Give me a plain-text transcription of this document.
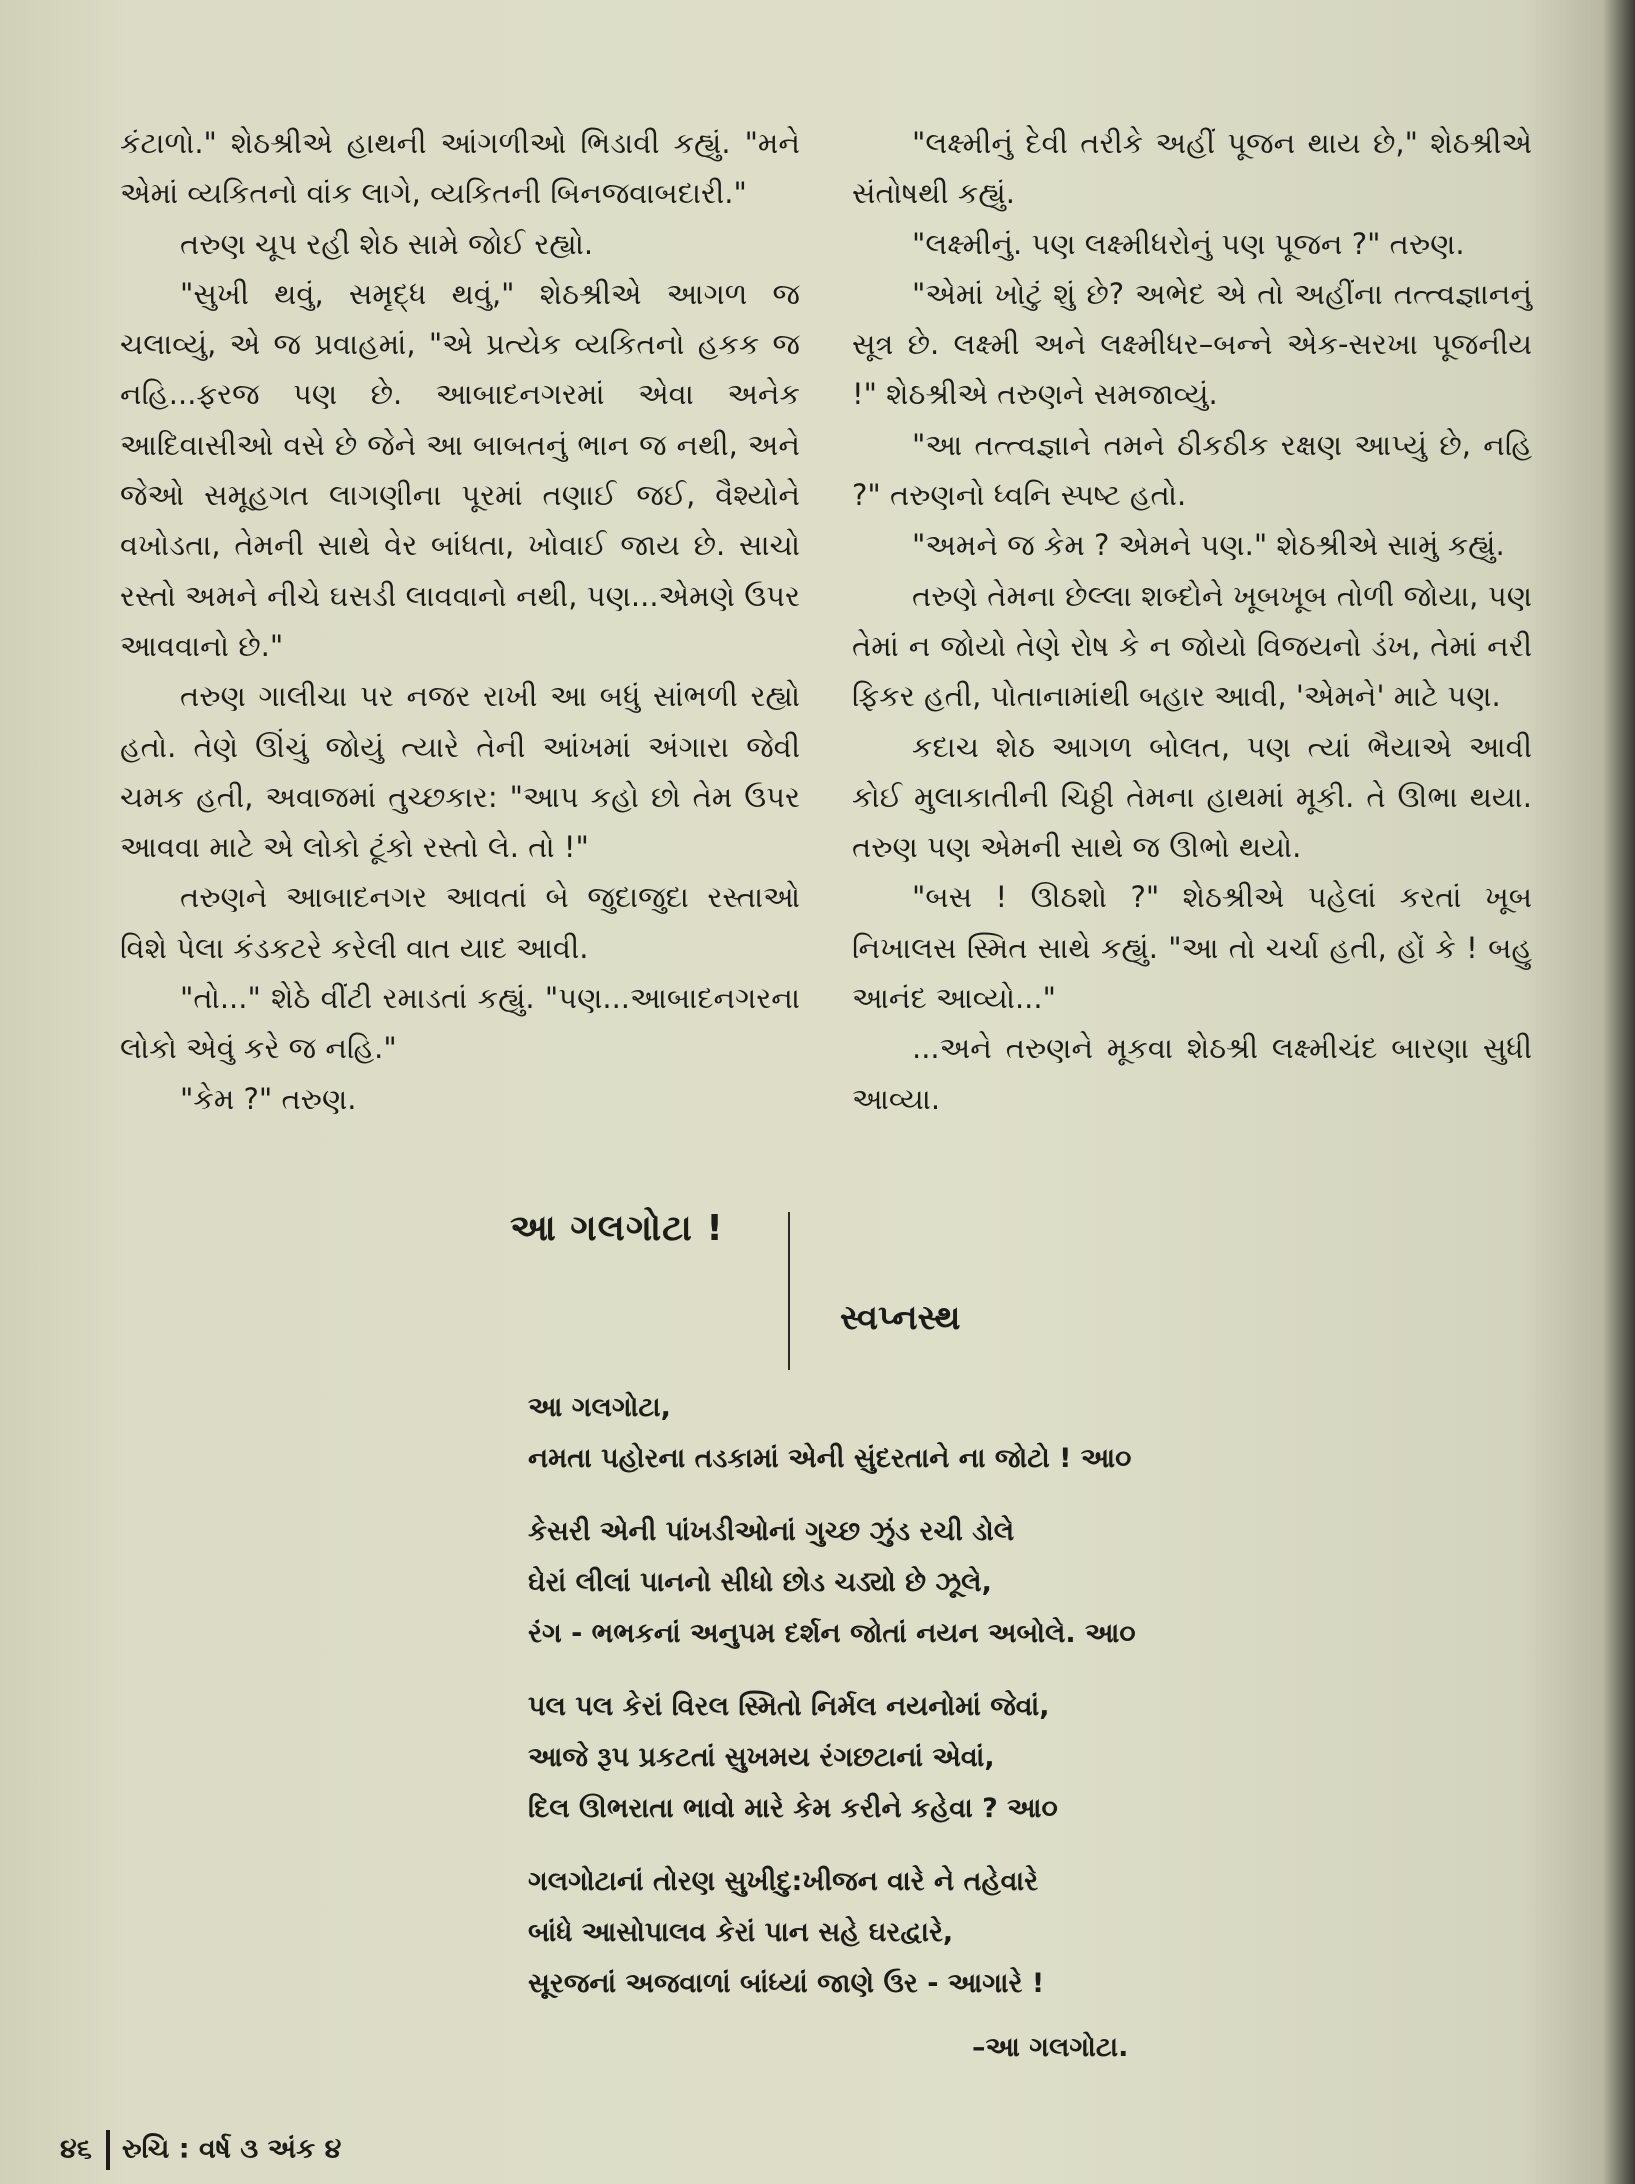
કંટાળો." શેઠશ્રીએ હાથની આંગળીઓ ભિડાવી કહ્યું. "મને એમાં વ્યકિતનો વાંક લાગે, વ્યકિતની બિનજવાબદારી."

તરુણ ચૂપ રહી શેઠ સામે જોઈ રહ્યો.

"સુખી થવું, સમૃદ્ધ થવું," શેઠશ્રીએ આગળ જ ચલાવ્યું, એ જ પ્રવાહમાં, "એ પ્રત્યેક વ્યકિતનો હકક જ નહિ...ફરજ પણ છે. આબાદનગરમાં એવા અનેક આદિવાસીઓ વસે છે જેને આ બાબતનું ભાન જ નથી, અને જેઓ સમૂહગત લાગણીના પૂરમાં તણાઈ જઈ, વૈશ્યોને વખોડતા, તેમની સાથે વેર બાંધતા, ખોવાઈ જાય છે. સાચો રસ્તો અમને નીચે ઘસડી લાવવાનો નથી, પણ...એમણે ઉપર આવવાનો છે."

તરુણ ગાલીચા પર નજર રાખી આ બધું સાંભળી રહ્યો હતો. તેણે ઊંચું જોયું ત્યારે તેની આંખમાં અંગારા જેવી ચમક હતી, અવાજમાં તુચ્છકાર: "આપ કહો છો તેમ ઉપર આવવા માટે એ લોકો ટૂંકો રસ્તો લે. તો !"

તરુણને આબાદનગર આવતાં બે જુદાજુદા રસ્તાઓ વિશે પેલા કંડકટરે કરેલી વાત યાદ આવી.

"તો..." શેઠે વીંટી રમાડતાં કહ્યું. "પણ...આબાદનગરના લોકો એવું કરે જ નહિ."

"કેમ ?" તરુણ.

"લક્ષ્મીનું દેવી તરીકે અહીં પૂજન થાય છે," શેઠશ્રીએ સંતોષથી કહ્યું.

"લક્ષ્મીનું. પણ લક્ષ્મીધરોનું પણ પૂજન ?" તરુણ.

"એમાં ખોટું શું છે? અભેદ એ તો અહીંના તત્ત્વજ્ઞાનનું સૂત્ર છે. લક્ષ્મી અને લક્ષ્મીધર–બન્ને એક-સરખા પૂજનીય !" શેઠશ્રીએ તરુણને સમજાવ્યું.

"આ તત્ત્વજ્ઞાને તમને ઠીકઠીક રક્ષણ આપ્યું છે, નહિ ?" તરુણનો ધ્વનિ સ્પષ્ટ હતો.

"અમને જ કેમ ? એમને પણ." શેઠશ્રીએ સામું કહ્યું.

તરુણે તેમના છેલ્લા શબ્દોને ખૂબખૂબ તોળી જોયા, પણ તેમાં ન જોયો તેણે રોષ કે ન જોયો વિજયનો ડંખ, તેમાં નરી ફિકર હતી, પોતાનામાંથી બહાર આવી, 'એમને' માટે પણ.

કદાચ શેઠ આગળ બોલત, પણ ત્યાં ભૈયાએ આવી કોઈ મુલાકાતીની ચિઠ્ઠી તેમના હાથમાં મૂકી. તે ઊભા થયા. તરુણ પણ એમની સાથે જ ઊભો થયો.

"બસ ! ઊઠશો ?" શેઠશ્રીએ પહેલાં કરતાં ખૂબ નિખાલસ સ્મિત સાથે કહ્યું. "આ તો ચર્ચા હતી, હોં કે ! બહુ આનંદ આવ્યો..."

...અને તરુણને મૂકવા શેઠશ્રી લક્ષ્મીચંદ બારણા સુધી આવ્યા.

આ ગલગોટા !
સ્વપ્નસ્થ
આ ગલગોટા,
નમતા પહોરના તડકામાં એની સુંદરતાને ના જોટો ! આ૦
કેસરી એની પાંખડીઓનાં ગુચ્છ ઝુંડ રચી ડોલે
ઘેરાં લીલાં પાનનો સીધો છોડ ચડ્યો છે ઝૂલે,
રંગ - ભભકનાં અનુપમ દર્શન જોતાં નયન અબોલે. આ૦
પલ પલ કેરાં વિરલ સ્મિતો નિર્મલ નયનોમાં જેવાં,
આજે રૂપ પ્રકટતાં સુખમય રંગછટાનાં એવાં,
દિલ ઊભરાતા ભાવો મારે કેમ કરીને કહેવા ? આ૦
ગલગોટાનાં તોરણ સુખીદુ:ખીજન વારે ને તહેવારે
બાંધે આસોપાલવ કેરાં પાન સહે ઘરદ્વારે,
સૂરજનાં અજવાળાં બાંધ્યાં જાણે ઉર - આગારે !
–આ ગલગોટા.
૪૬ રુચિ : વર્ષ ૩ અંક ૪
